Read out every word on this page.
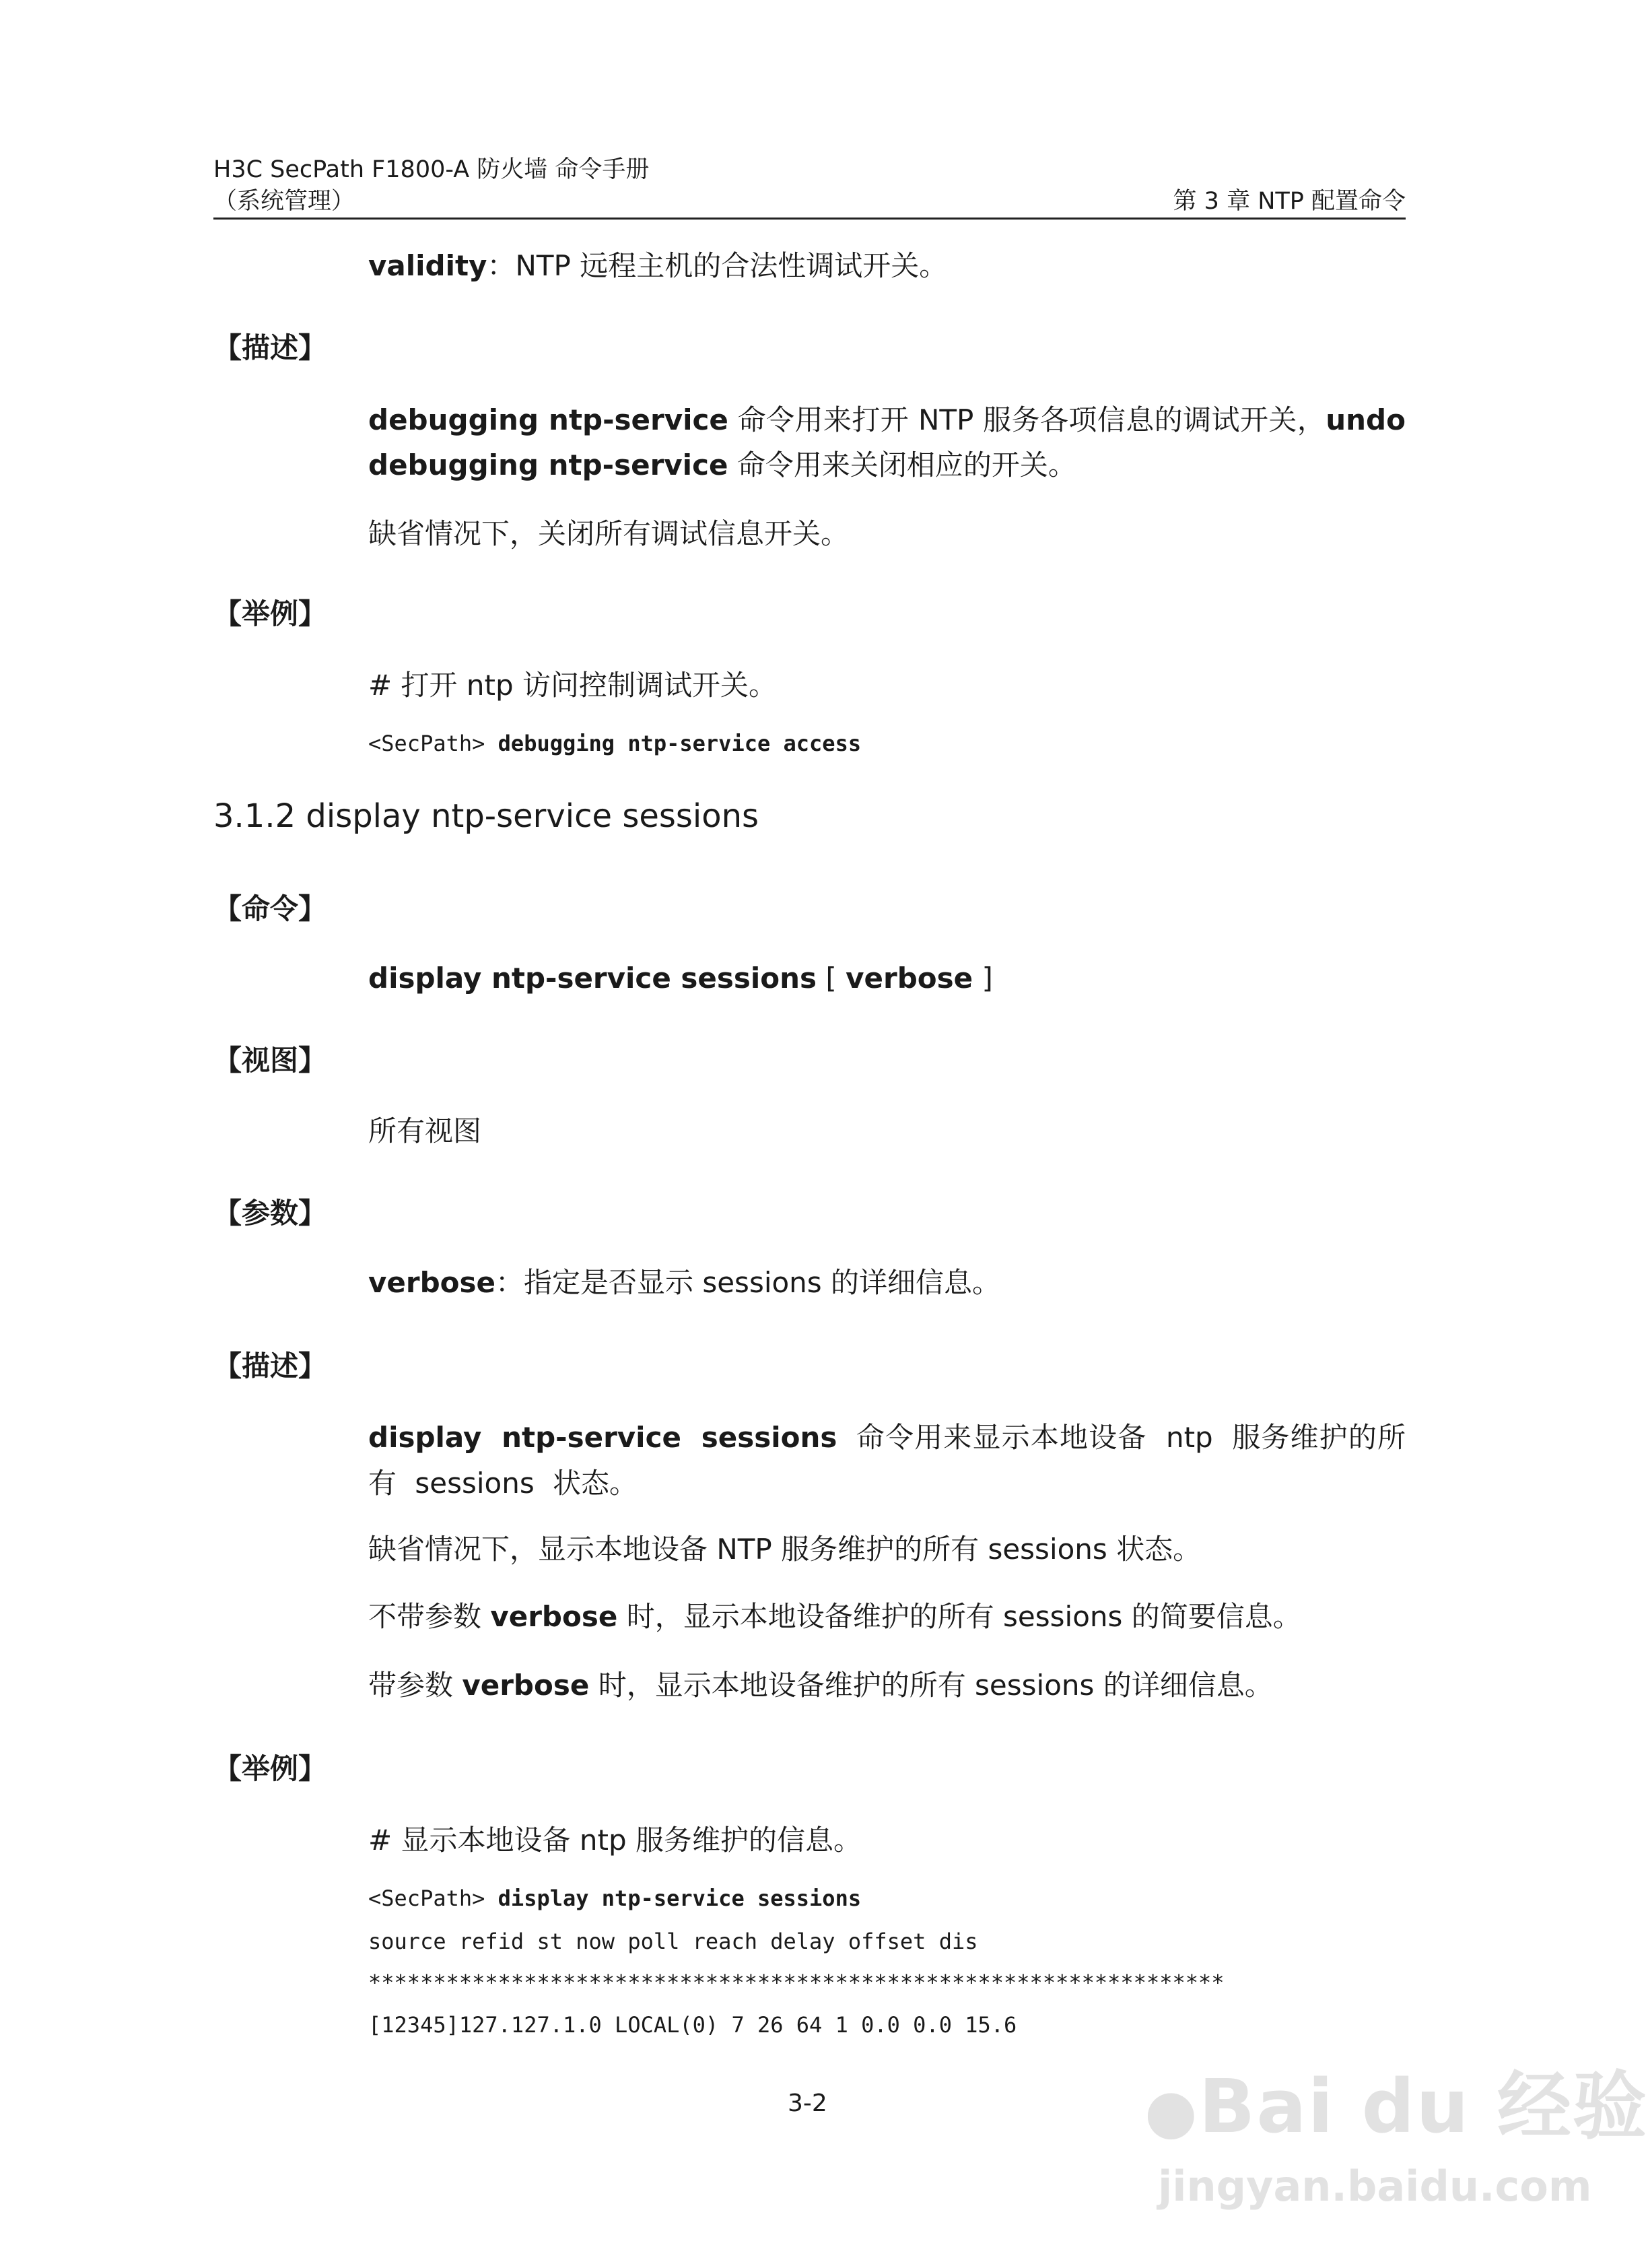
H3C SecPath F1800-A 防火墙 命令手册
（系统管理）	第 3 章 NTP 配置命令
validity：NTP 远程主机的合法性调试开关。
【描述】
debugging ntp-service 命令用来打开 NTP 服务各项信息的调试开关，undo debugging ntp-service 命令用来关闭相应的开关。
缺省情况下，关闭所有调试信息开关。
【举例】
# 打开 ntp 访问控制调试开关。
<SecPath> debugging ntp-service access
3.1.2 display ntp-service sessions
【命令】
display ntp-service sessions [ verbose ]
【视图】
所有视图
【参数】
verbose：指定是否显示 sessions 的详细信息。
【描述】
display ntp-service sessions 命令用来显示本地设备 ntp 服务维护的所有 sessions 状态。
缺省情况下，显示本地设备 NTP 服务维护的所有 sessions 状态。
不带参数 verbose 时，显示本地设备维护的所有 sessions 的简要信息。
带参数 verbose 时，显示本地设备维护的所有 sessions 的详细信息。
【举例】
# 显示本地设备 ntp 服务维护的信息。
<SecPath> display ntp-service sessions
source refid st now poll reach delay offset dis
******************************************************************
[12345]127.127.1.0 LOCAL(0) 7 26 64 1 0.0 0.0 15.6
3-2	●Bai du 经验
jingyan.baidu.com
